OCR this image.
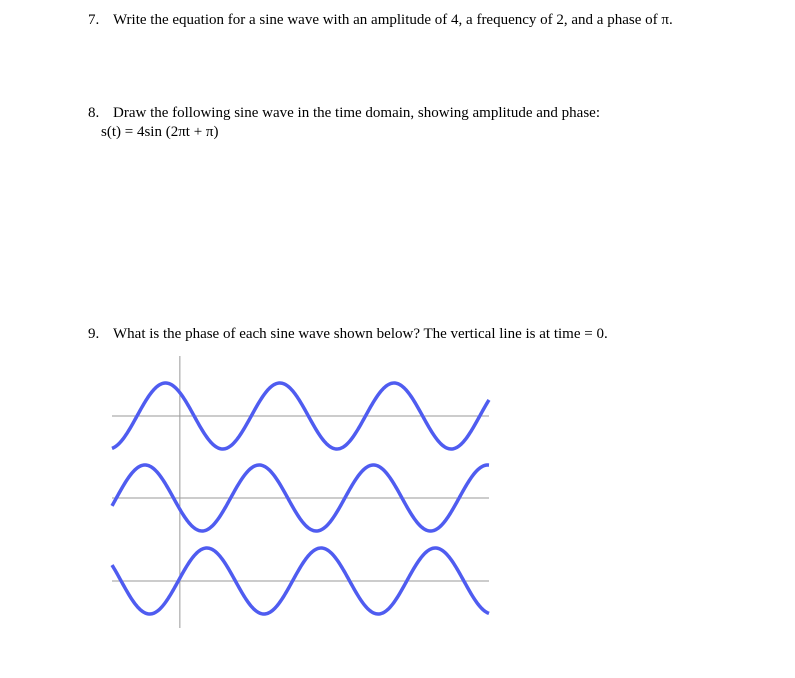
7. Write the equation for a sine wave with an amplitude of 4, a frequency of 2, and a phase of π.
8. Draw the following sine wave in the time domain, showing amplitude and phase:
s(t) = 4sin (2πt + π)
9. What is the phase of each sine wave shown below? The vertical line is at time = 0.
